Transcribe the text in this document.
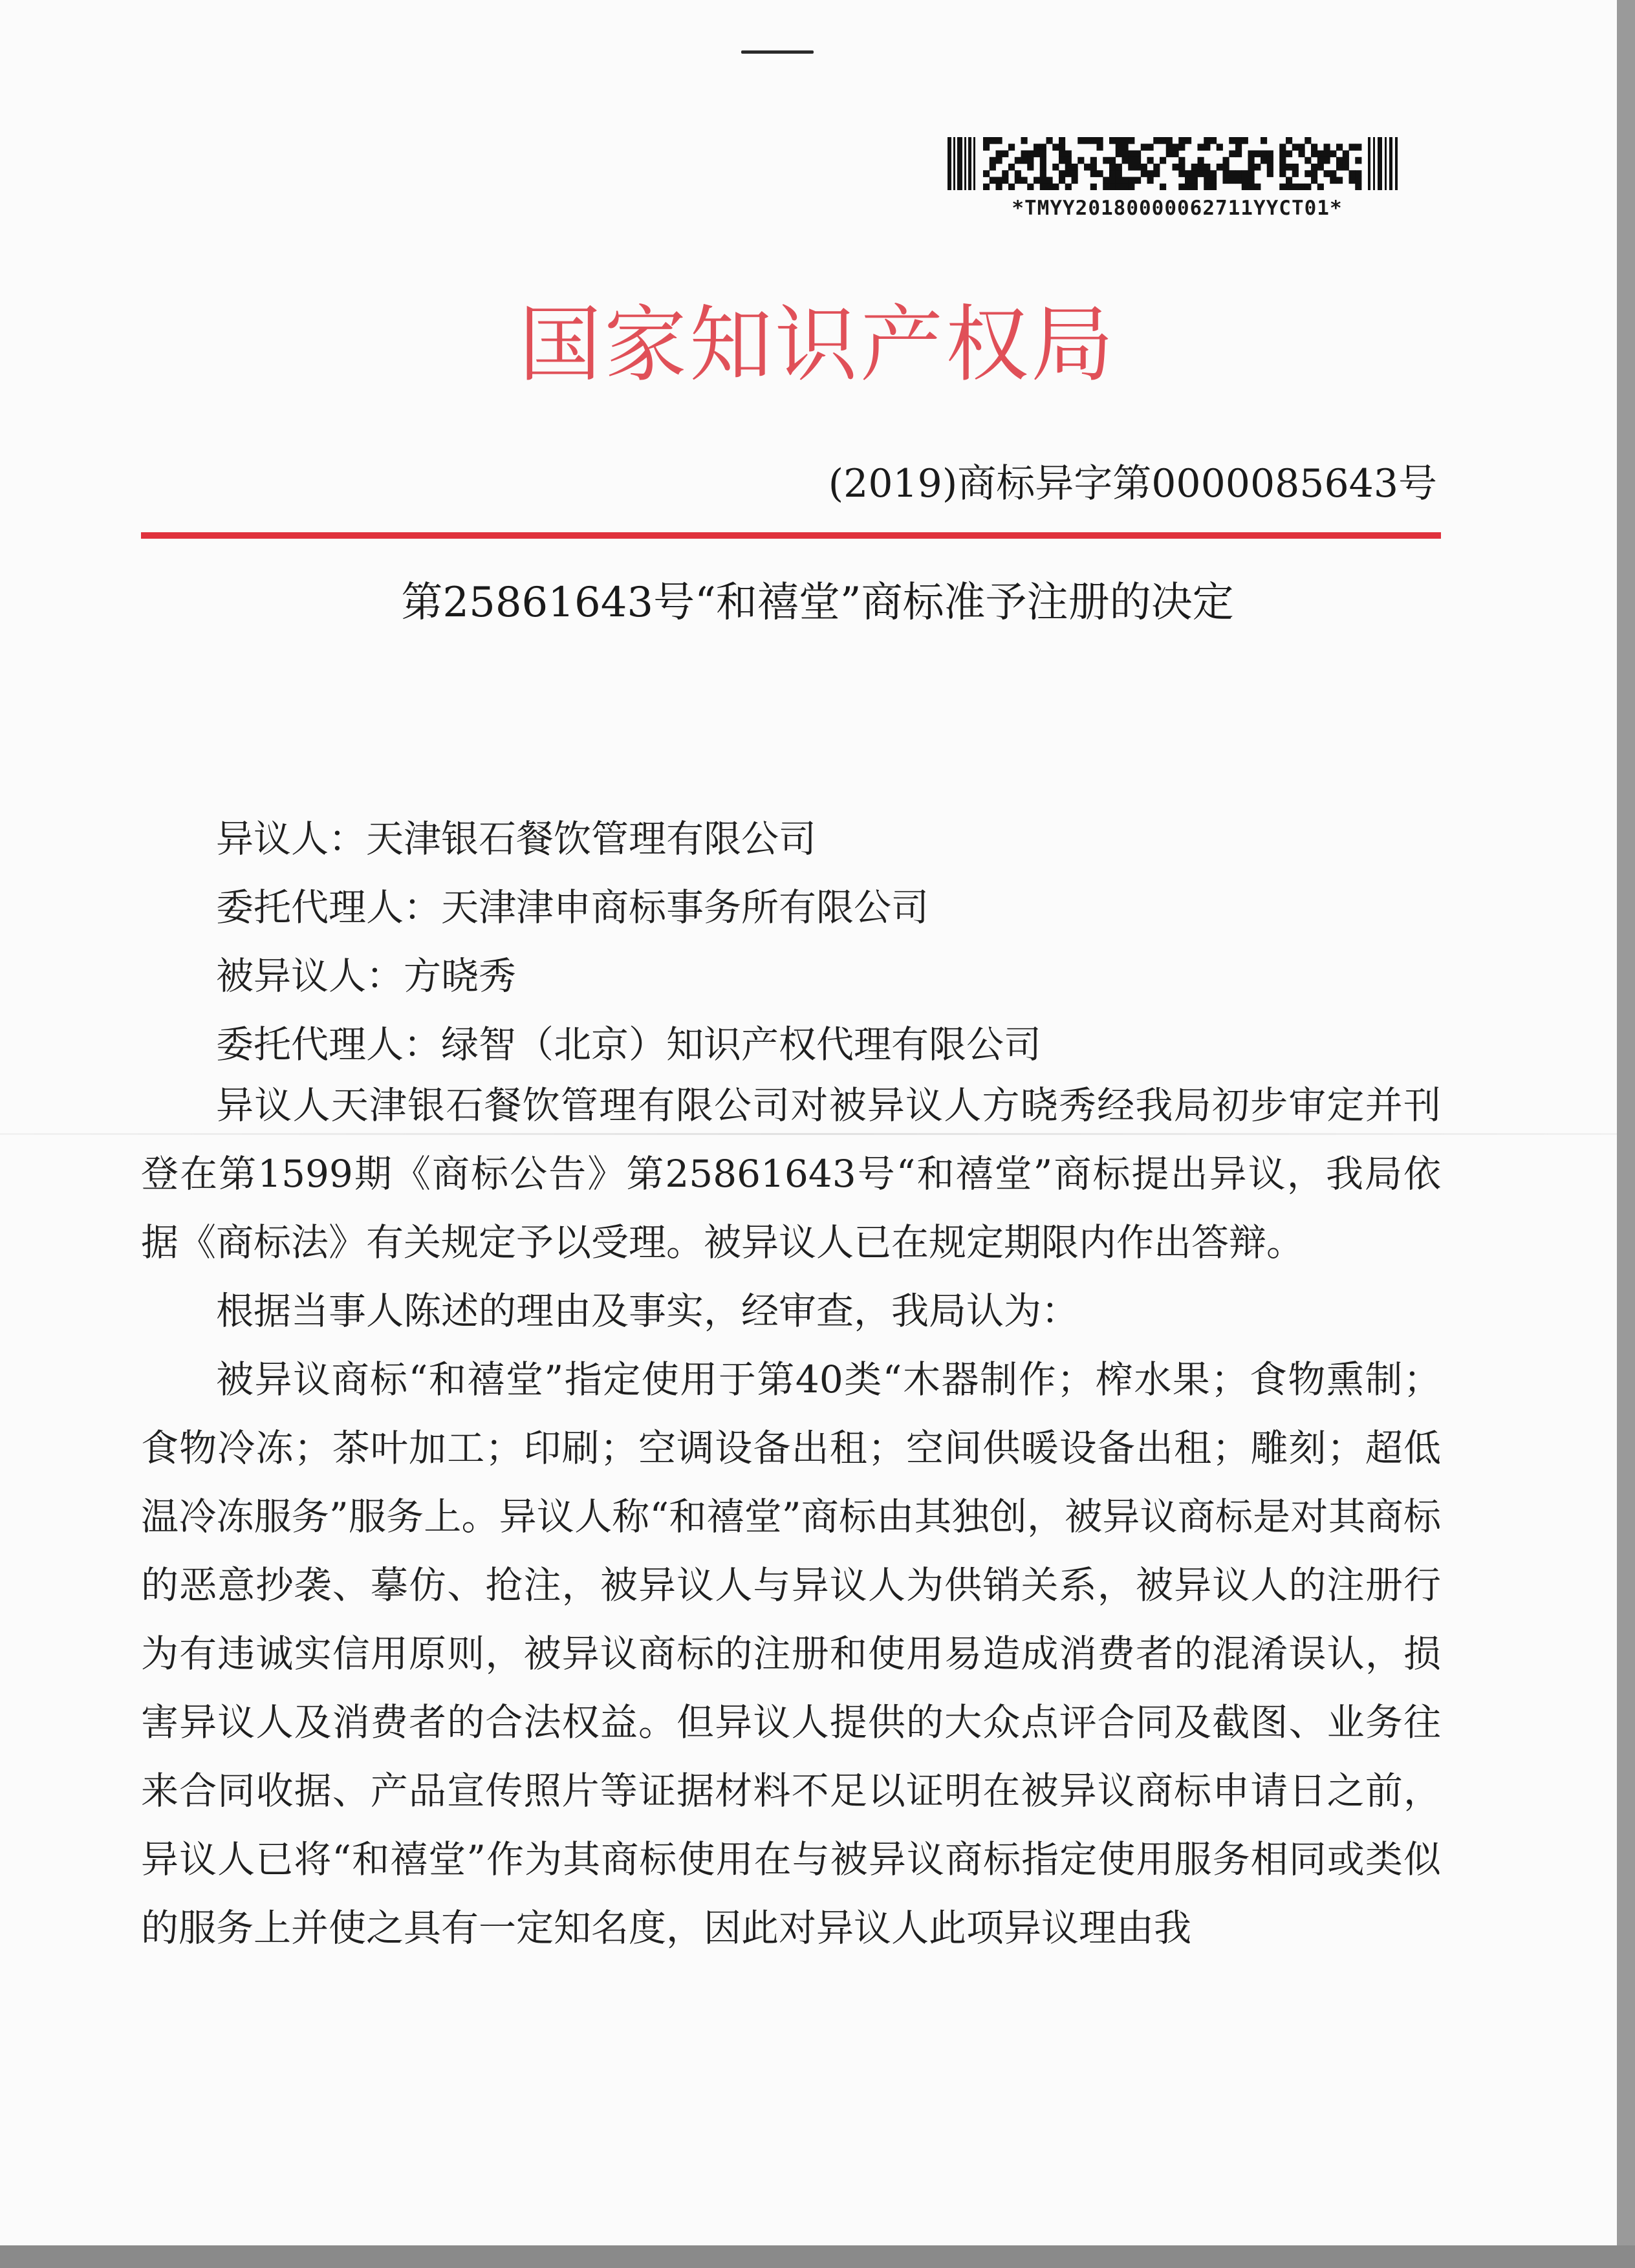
*TMYY20180000062711YYCT01*
国家知识产权局
(2019)商标异字第0000085643号
第25861643号“和禧堂”商标准予注册的决定
异议人：天津银石餐饮管理有限公司
委托代理人：天津津申商标事务所有限公司
被异议人：方晓秀
委托代理人：绿智（北京）知识产权代理有限公司

异议人天津银石餐饮管理有限公司对被异议人方晓秀经我局初步审定并刊登在第1599期《商标公告》第25861643号“和禧堂”商标提出异议，我局依据《商标法》有关规定予以受理。被异议人已在规定期限内作出答辩。

根据当事人陈述的理由及事实，经审查，我局认为：

被异议商标“和禧堂”指定使用于第40类“木器制作；榨水果；食物熏制；食物冷冻；茶叶加工；印刷；空调设备出租；空间供暖设备出租；雕刻；超低温冷冻服务”服务上。异议人称“和禧堂”商标由其独创，被异议商标是对其商标的恶意抄袭、摹仿、抢注，被异议人与异议人为供销关系，被异议人的注册行为有违诚实信用原则，被异议商标的注册和使用易造成消费者的混淆误认，损害异议人及消费者的合法权益。但异议人提供的大众点评合同及截图、业务往来合同收据、产品宣传照片等证据材料不足以证明在被异议商标申请日之前，异议人已将“和禧堂”作为其商标使用在与被异议商标指定使用服务相同或类似的服务上并使之具有一定知名度，因此对异议人此项异议理由我
